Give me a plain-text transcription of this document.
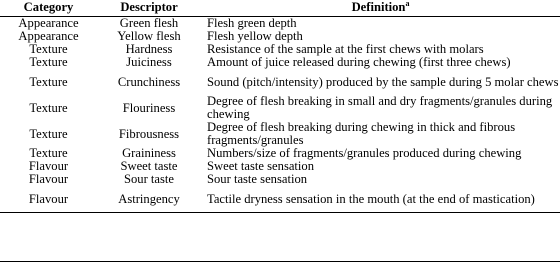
Category	Descriptor	Definition$^a$
Appearance	Green flesh	Flesh green depth
Appearance	Yellow flesh	Flesh yellow depth
Texture	Hardness	Resistance of the sample at the first chews with molars
Texture	Juiciness	Amount of juice released during chewing (first three chews)
Texture	Crunchiness	Sound (pitch/intensity) produced by the sample during 5 molar chews
Texture	Flouriness	Degree of flesh breaking in small and dry fragments/granules during chewing
Texture	Fibrousness	Degree of flesh breaking during chewing in thick and fibrous fragments/granules
Texture	Graininess	Numbers/size of fragments/granules produced during chewing
Flavour	Sweet taste	Sweet taste sensation
Flavour	Sour taste	Sour taste sensation
Flavour	Astringency	Tactile dryness sensation in the mouth (at the end of mastication)
